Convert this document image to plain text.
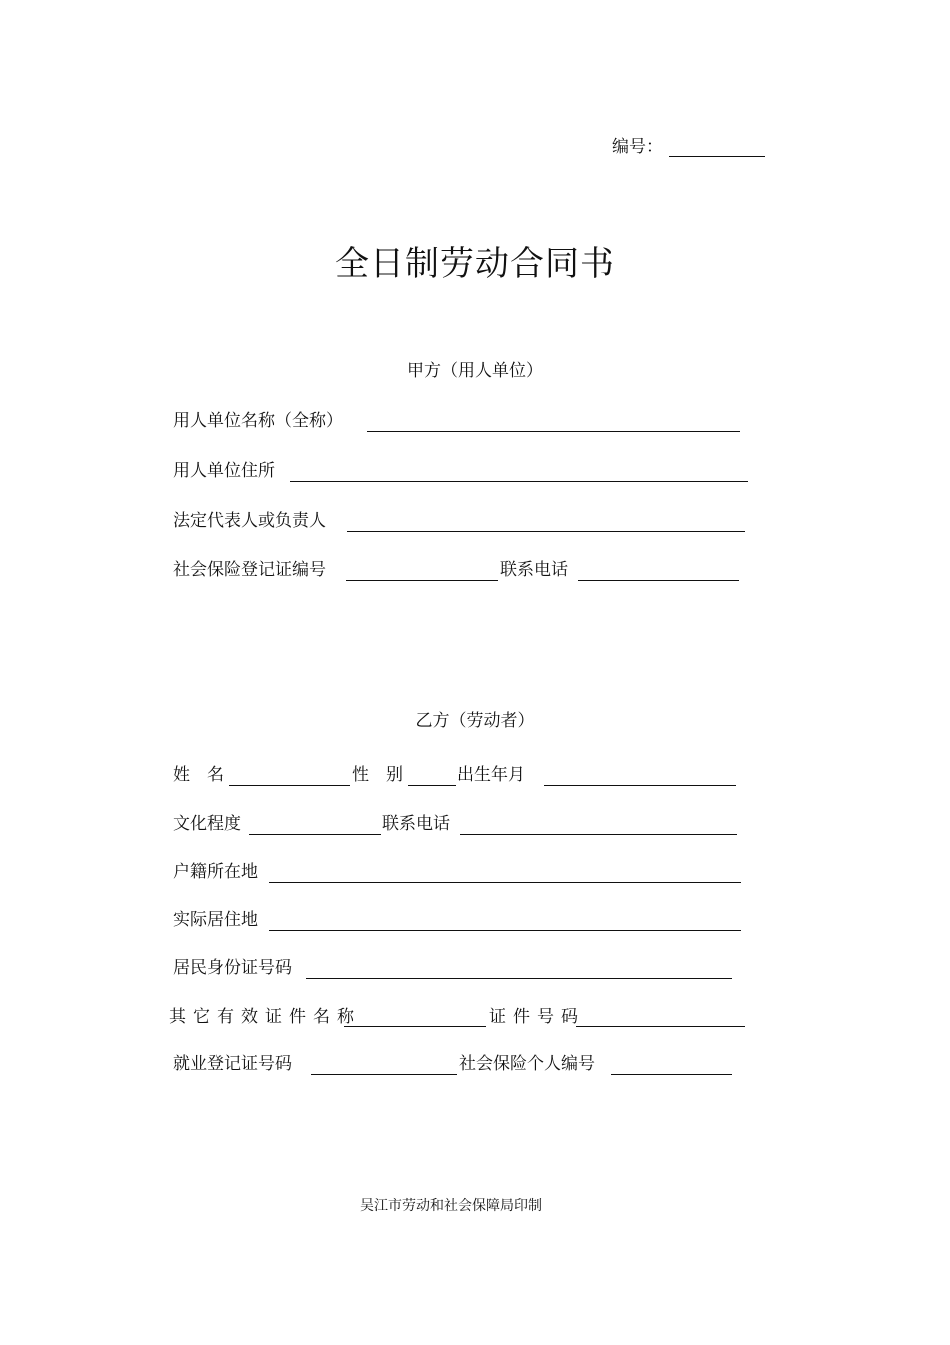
编号：
全日制劳动合同书
甲方（用人单位）
用人单位名称（全称）
用人单位住所
法定代表人或负责人
社会保险登记证编号	联系电话
乙方（劳动者）
姓　名	性　别	出生年月
文化程度	联系电话
户籍所在地
实际居住地
居民身份证号码
其它有效证件名称	证件号码
就业登记证号码	社会保险个人编号
吴江市劳动和社会保障局印制
